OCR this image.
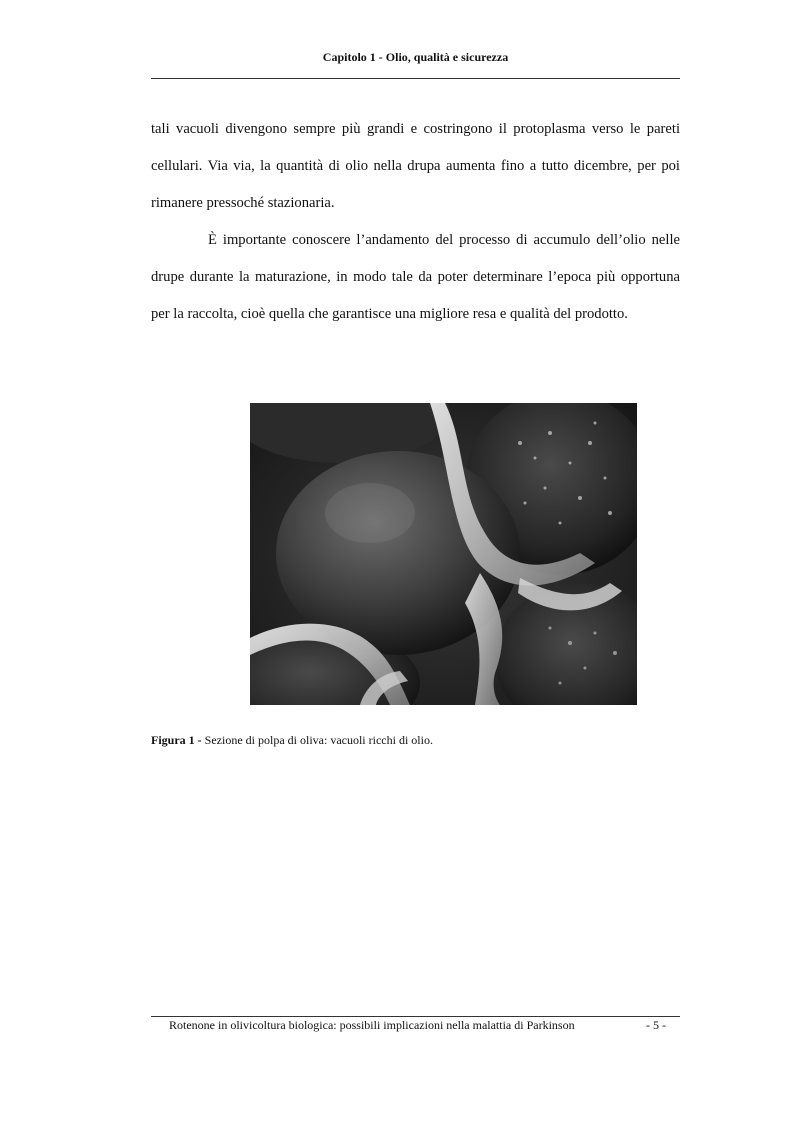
Capitolo 1 - Olio, qualità e sicurezza

tali vacuoli divengono sempre più grandi e costringono il protoplasma verso le pareti cellulari. Via via, la quantità di olio nella drupa aumenta fino a tutto dicembre, per poi rimanere pressoché stazionaria.

È importante conoscere l’andamento del processo di accumulo dell’olio nelle drupe durante la maturazione, in modo tale da poter determinare l’epoca più opportuna per la raccolta, cioè quella che garantisce una migliore resa e qualità del prodotto.

Figura 1 - Sezione di polpa di oliva: vacuoli ricchi di olio.
Rotenone in olivicoltura biologica: possibili implicazioni nella malattia di Parkinson	- 5 -
